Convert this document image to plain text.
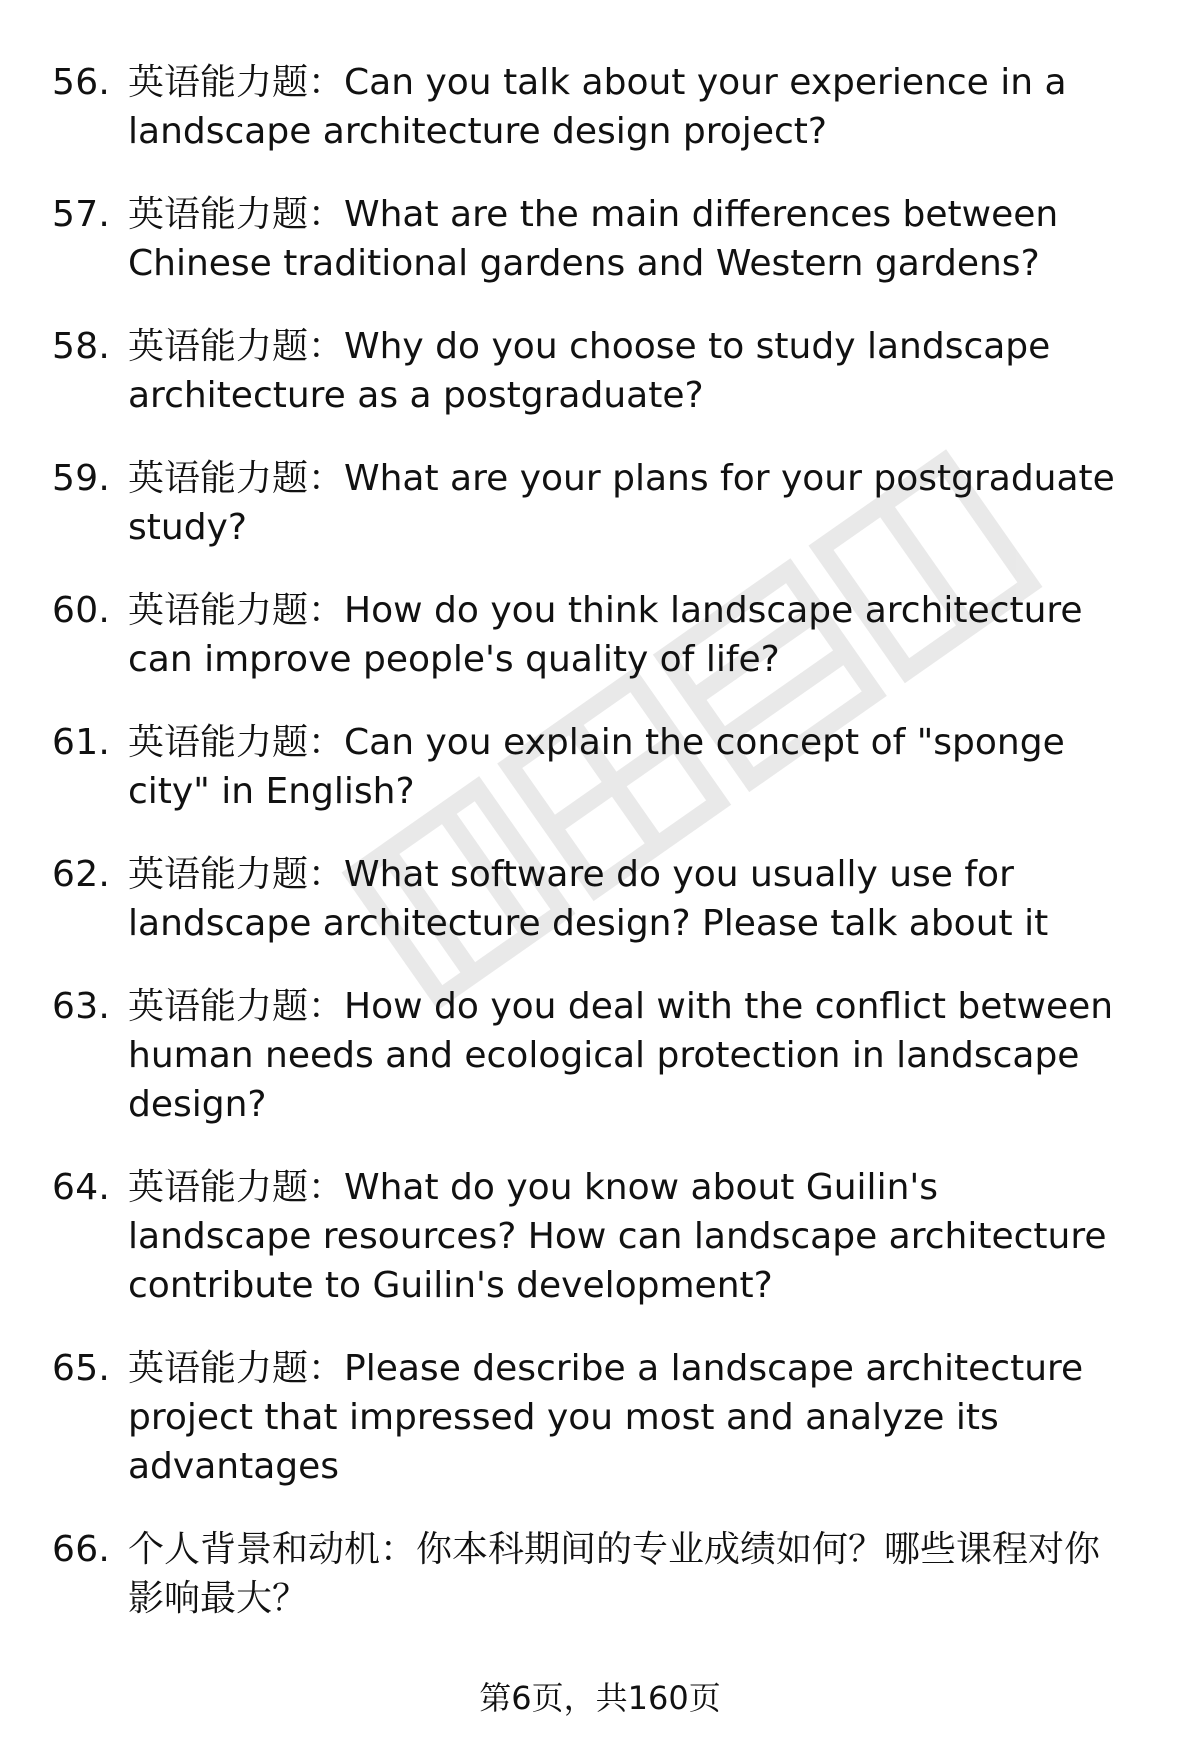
56. 英语能力题：Can you talk about your experience in a landscape architecture design project?
57. 英语能力题：What are the main differences between Chinese traditional gardens and Western gardens?
58. 英语能力题：Why do you choose to study landscape architecture as a postgraduate?
59. 英语能力题：What are your plans for your postgraduate study?
60. 英语能力题：How do you think landscape architecture can improve people's quality of life?
61. 英语能力题：Can you explain the concept of "sponge city" in English?
62. 英语能力题：What software do you usually use for landscape architecture design? Please talk about it
63. 英语能力题：How do you deal with the conflict between human needs and ecological protection in landscape design?
64. 英语能力题：What do you know about Guilin's landscape resources? How can landscape architecture contribute to Guilin's development?
65. 英语能力题：Please describe a landscape architecture project that impressed you most and analyze its advantages
66. 个人背景和动机：你本科期间的专业成绩如何？哪些课程对你影响最大？
第6页，共160页
